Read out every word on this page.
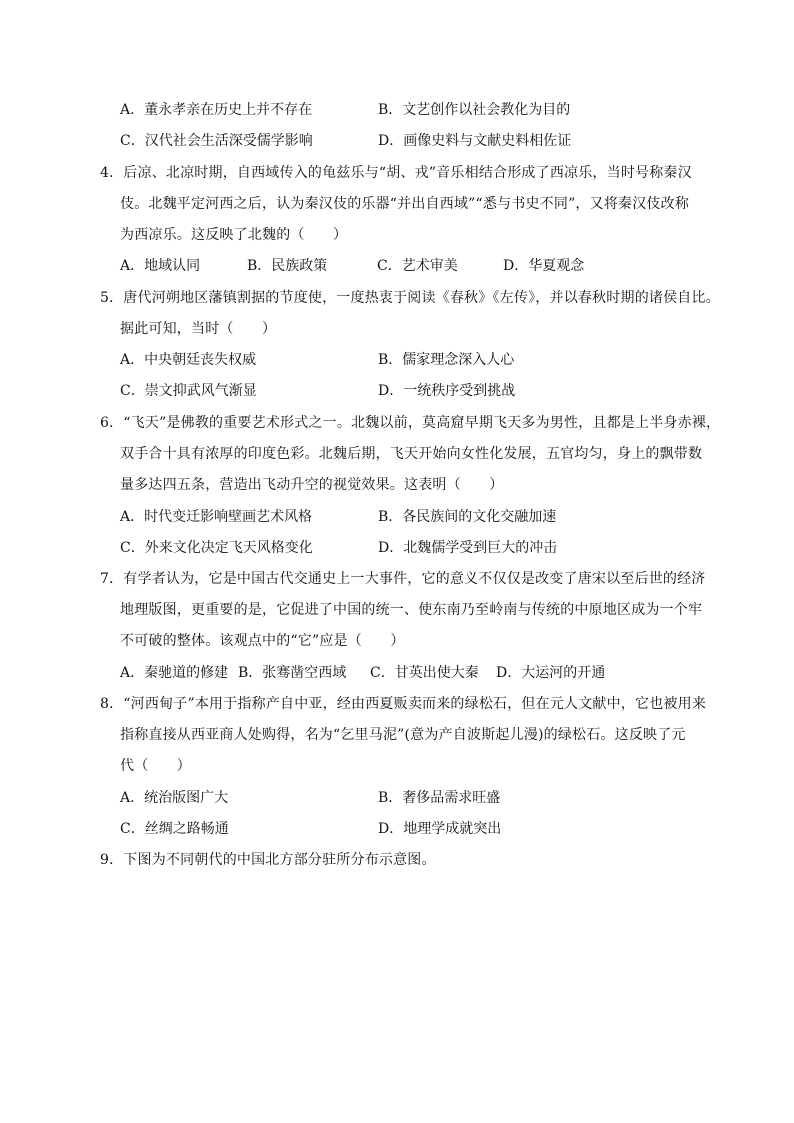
A．董永孝亲在历史上并不存在	B．文艺创作以社会教化为目的
C．汉代社会生活深受儒学影响	D．画像史料与文献史料相佐证
4．后凉、北凉时期，自西域传入的龟兹乐与“胡、戎”音乐相结合形成了西凉乐，当时号称秦汉
伎。北魏平定河西之后，认为秦汉伎的乐器“并出自西域”“悉与书史不同”，又将秦汉伎改称
为西凉乐。这反映了北魏的（　　）
A．地域认同	B．民族政策	C．艺术审美	D．华夏观念
5．唐代河朔地区藩镇割据的节度使，一度热衷于阅读《春秋》《左传》，并以春秋时期的诸侯自比。
据此可知，当时（　　）
A．中央朝廷丧失权威	B．儒家理念深入人心
C．崇文抑武风气渐显	D．一统秩序受到挑战
6．“飞天”是佛教的重要艺术形式之一。北魏以前，莫高窟早期飞天多为男性，且都是上半身赤裸，
双手合十具有浓厚的印度色彩。北魏后期，飞天开始向女性化发展，五官均匀，身上的飘带数
量多达四五条，营造出飞动升空的视觉效果。这表明（　　）
A．时代变迁影响壁画艺术风格	B．各民族间的文化交融加速
C．外来文化决定飞天风格变化	D．北魏儒学受到巨大的冲击
7．有学者认为，它是中国古代交通史上一大事件，它的意义不仅仅是改变了唐宋以至后世的经济
地理版图，更重要的是，它促进了中国的统一、使东南乃至岭南与传统的中原地区成为一个牢
不可破的整体。该观点中的“它”应是（　　）
A．秦驰道的修建 B．张骞凿空西域 C．甘英出使大秦 D．大运河的开通
8．“河西甸子”本用于指称产自中亚，经由西夏贩卖而来的绿松石，但在元人文献中，它也被用来
指称直接从西亚商人处购得，名为“乞里马泥”(意为产自波斯起儿漫)的绿松石。这反映了元
代（　　）
A．统治版图广大	B．奢侈品需求旺盛
C．丝绸之路畅通	D．地理学成就突出
9．下图为不同朝代的中国北方部分驻所分布示意图。
